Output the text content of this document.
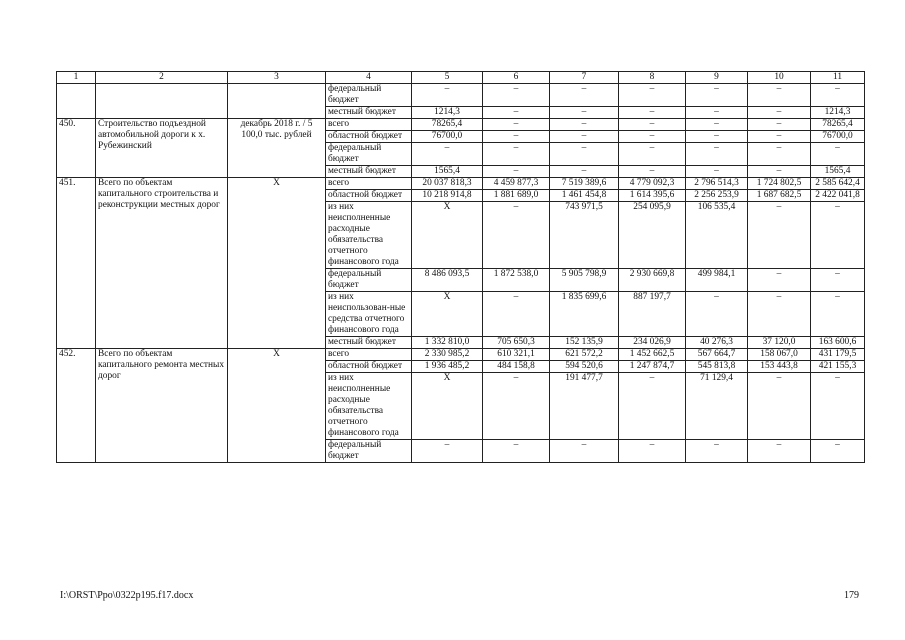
1	2	3	4	5	6	7	8	9	10	11
			федеральный бюджет	–	–	–	–	–	–	–
			местный бюджет	1214,3	–	–	–	–	–	1214,3
450.	Строительство подъездной автомобильной дороги к х. Рубежинский	декабрь 2018 г. / 5 100,0 тыс. рублей	всего	78265,4	–	–	–	–	–	78265,4
			областной бюджет	76700,0	–	–	–	–	–	76700,0
			федеральный бюджет	–	–	–	–	–	–	–
			местный бюджет	1565,4	–	–	–	–	–	1565,4
451.	Всего по объектам капитального строительства и реконструкции местных дорог	X	всего	20 037 818,3	4 459 877,3	7 519 389,6	4 779 092,3	2 796 514,3	1 724 802,5	2 585 642,4
			областной бюджет	10 218 914,8	1 881 689,0	1 461 454,8	1 614 395,6	2 256 253,9	1 687 682,5	2 422 041,8
			из них неисполненные расходные обязательства отчетного финансового года	X	–	743 971,5	254 095,9	106 535,4	–	–
			федеральный бюджет	8 486 093,5	1 872 538,0	5 905 798,9	2 930 669,8	499 984,1	–	–
			из них неиспользован-ные средства отчетного финансового года	X	–	1 835 699,6	887 197,7	–	–	–
			местный бюджет	1 332 810,0	705 650,3	152 135,9	234 026,9	40 276,3	37 120,0	163 600,6
452.	Всего по объектам капитального ремонта местных дорог	X	всего	2 330 985,2	610 321,1	621 572,2	1 452 662,5	567 664,7	158 067,0	431 179,5
			областной бюджет	1 936 485,2	484 158,8	594 520,6	1 247 874,7	545 813,8	153 443,8	421 155,3
			из них неисполненные расходные обязательства отчетного финансового года	X	–	191 477,7	–	71 129,4	–	–
			федеральный бюджет	–	–	–	–	–	–	–
I:\ORST\Ppo\0322p195.f17.docx	179
